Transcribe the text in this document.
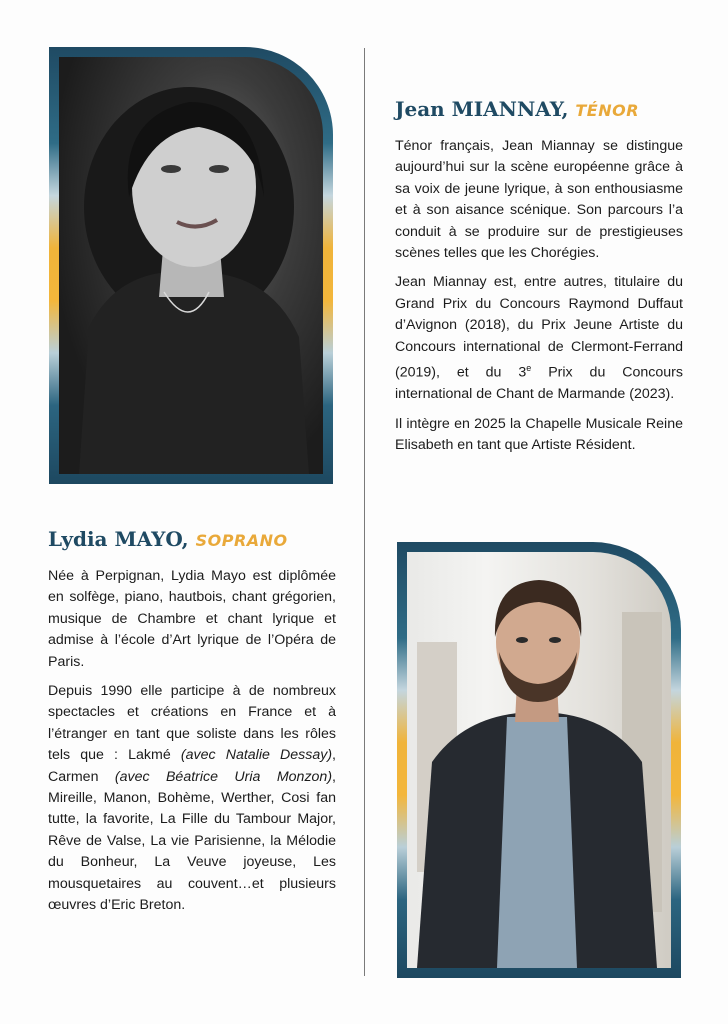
Jean MIANNAY, TÉNOR

Ténor français, Jean Miannay se distingue aujourd’hui sur la scène européenne grâce à sa voix de jeune lyrique, à son enthousiasme et à son aisance scénique. Son parcours l’a conduit à se produire sur de prestigieuses scènes telles que les Chorégies.

Jean Miannay est, entre autres, titulaire du Grand Prix du Concours Raymond Duffaut d’Avignon (2018), du Prix Jeune Artiste du Concours international de Clermont-Ferrand (2019), et du 3e Prix du Concours international de Chant de Marmande (2023).

Il intègre en 2025 la Chapelle Musicale Reine Elisabeth en tant que Artiste Résident.

Lydia MAYO, SOPRANO

Née à Perpignan, Lydia Mayo est diplômée en solfège, piano, hautbois, chant grégorien, musique de Chambre et chant lyrique et admise à l’école d’Art lyrique de l’Opéra de Paris.

Depuis 1990 elle participe à de nombreux spectacles et créations en France et à l’étranger en tant que soliste dans les rôles tels que : Lakmé (avec Natalie Dessay), Carmen (avec Béatrice Uria Monzon), Mireille, Manon, Bohème, Werther, Cosi fan tutte, la favorite, La Fille du Tambour Major, Rêve de Valse, La vie Parisienne, la Mélodie du Bonheur, La Veuve joyeuse, Les mousquetaires au couvent…et plusieurs œuvres d’Eric Breton.
